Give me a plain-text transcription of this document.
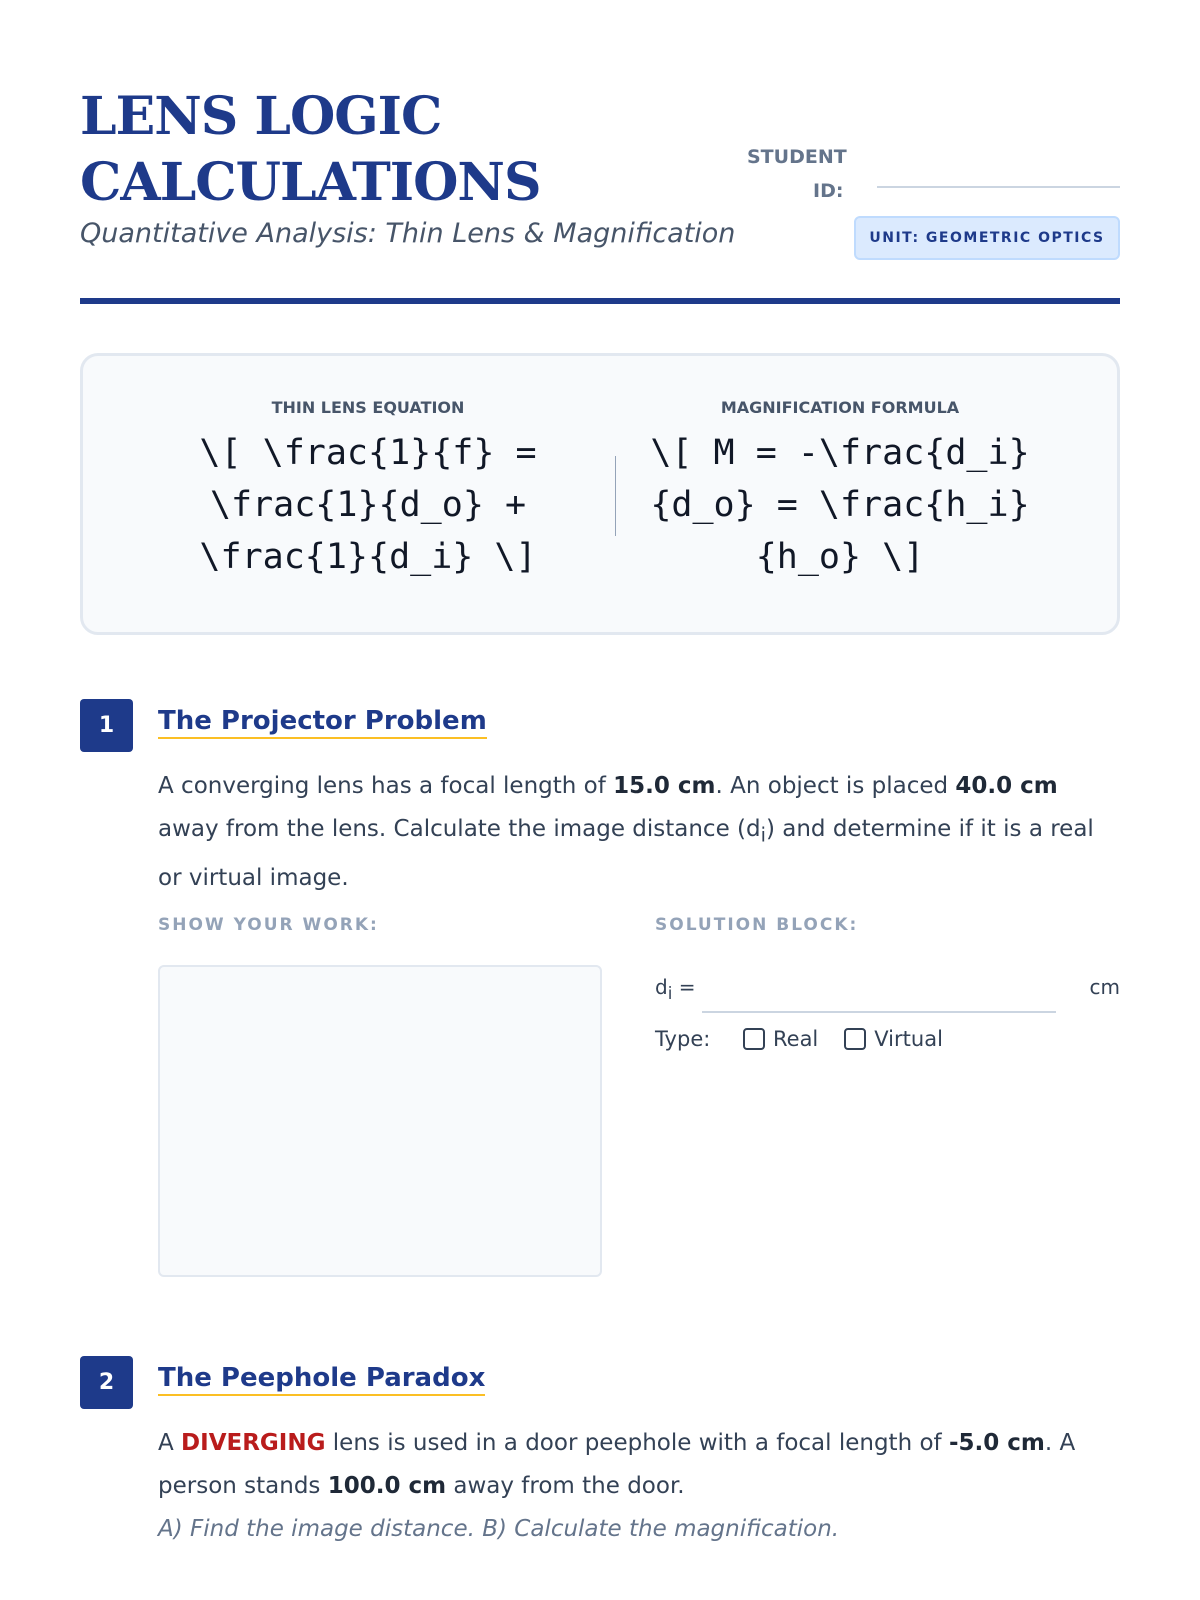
LENS LOGIC
CALCULATIONS
Quantitative Analysis: Thin Lens & Magnification
STUDENT
ID:
UNIT: GEOMETRIC OPTICS
THIN LENS EQUATION
\[ \frac{1}{f} =
\frac{1}{d_o} +
\frac{1}{d_i} \]
MAGNIFICATION FORMULA
\[ M = -\frac{d_i}
{d_o} = \frac{h_i}
{h_o} \]
1	The Projector Problem
A converging lens has a focal length of 15.0 cm. An object is placed 40.0 cm away from the lens. Calculate the image distance $(d_i)$ and determine if it is a real or virtual image.
SHOW YOUR WORK:	SOLUTION BLOCK:
$d_i$ =	cm
Type:	Real	Virtual
2	The Peephole Paradox
A DIVERGING lens is used in a door peephole with a focal length of -5.0 cm. A person stands 100.0 cm away from the door.
A) Find the image distance. B) Calculate the magnification.
